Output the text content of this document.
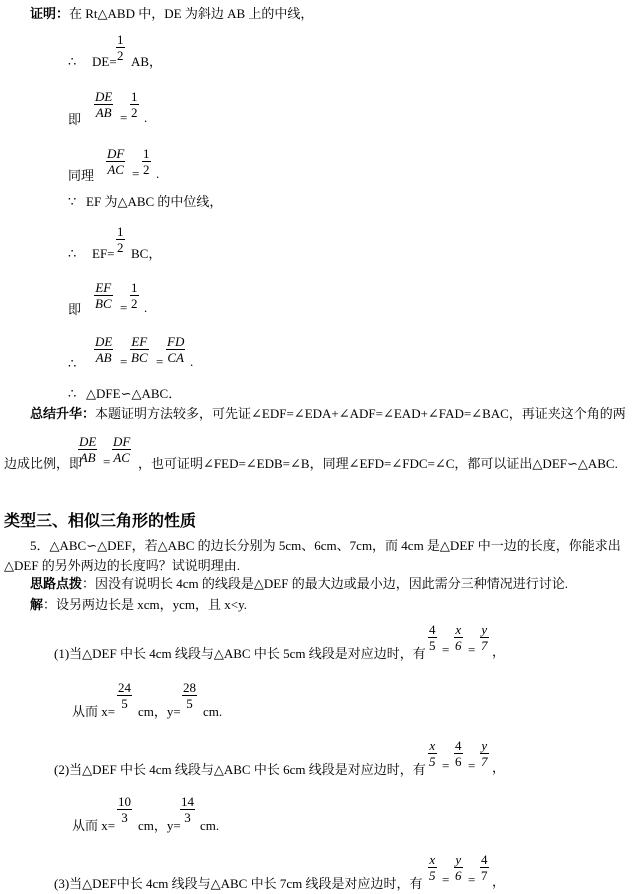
证明：在 Rt△ABD 中，DE 为斜边 AB 上的中线，
∴ DE=
1
2 AB，
即
DE
AB =
1
2 .
同理
DF
AC =
1
2 .
∵ EF 为△ABC 的中位线，
∴ EF=
1
2 BC，
即
EF
BC =
1
2 .
∴
DE
AB =
EF
BC =
FD
CA .
∴ △DFE∽△ABC．
总结升华：本题证明方法较多，可先证∠EDF=∠EDA+∠ADF=∠EAD+∠FAD=∠BAC，再证夹这个角的两
边成比例，即
DE
AB =
DF
AC ，也可证明∠FED=∠EDB=∠B，同理∠EFD=∠FDC=∠C，都可以证出△DEF∽△ABC.
类型三、相似三角形的性质
5．△ABC∽△DEF，若△ABC 的边长分别为 5cm、6cm、7cm，而 4cm 是△DEF 中一边的长度，你能求出
△DEF 的另外两边的长度吗？试说明理由.
思路点拨：因没有说明长 4cm 的线段是△DEF 的最大边或最小边，因此需分三种情况进行讨论.
解：设另两边长是 xcm，ycm，且 x<y.
(1)当△DEF 中长 4cm 线段与△ABC 中长 5cm 线段是对应边时，有
4
5 =
x
6 =
y
7 ，
从而 x=
24
5
cm，y=
28
5
cm.
(2)当△DEF 中长 4cm 线段与△ABC 中长 6cm 线段是对应边时，有
x
5 =
4
6 =
y
7 ，
从而 x=
10
3
cm，y=
14
3
cm.
(3)当△DEF中长 4cm 线段与△ABC 中长 7cm 线段是对应边时，有
x
5 =
y
6 =
4
7 ，
